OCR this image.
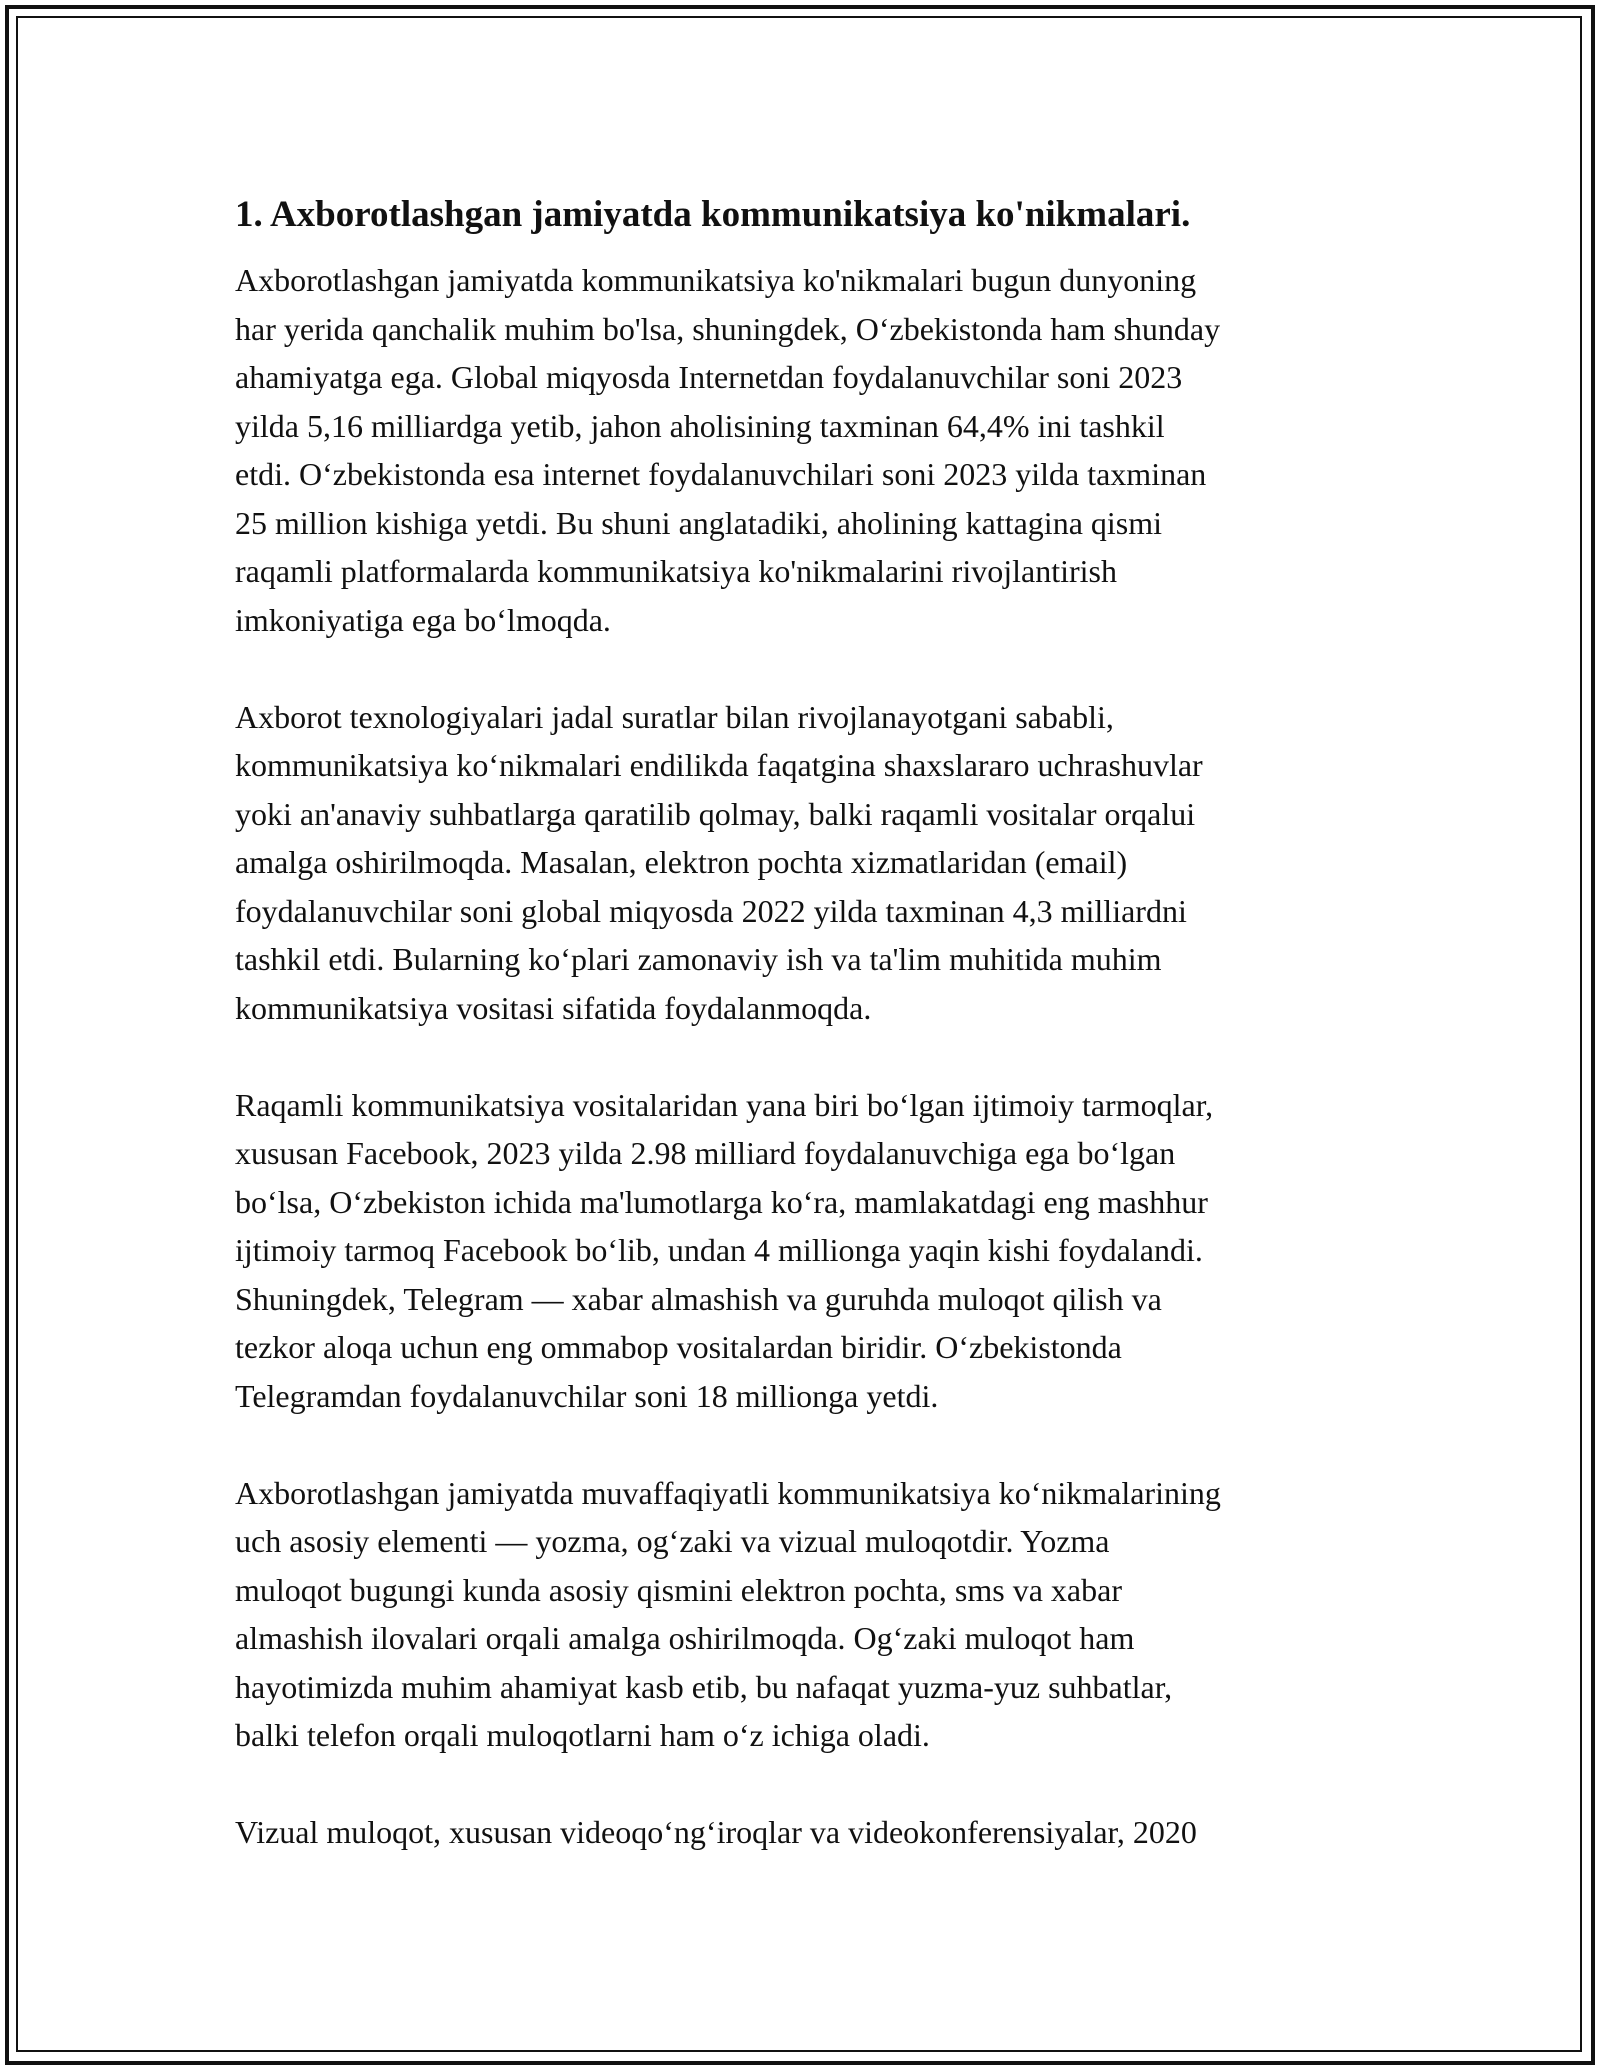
1. Axborotlashgan jamiyatda kommunikatsiya ko'nikmalari.
Axborotlashgan jamiyatda kommunikatsiya ko'nikmalari bugun dunyoning
har yerida qanchalik muhim bo'lsa, shuningdek, O‘zbekistonda ham shunday
ahamiyatga ega. Global miqyosda Internetdan foydalanuvchilar soni 2023
yilda 5,16 milliardga yetib, jahon aholisining taxminan 64,4% ini tashkil
etdi. O‘zbekistonda esa internet foydalanuvchilari soni 2023 yilda taxminan
25 million kishiga yetdi. Bu shuni anglatadiki, aholining kattagina qismi
raqamli platformalarda kommunikatsiya ko'nikmalarini rivojlantirish
imkoniyatiga ega bo‘lmoqda.
Axborot texnologiyalari jadal suratlar bilan rivojlanayotgani sababli,
kommunikatsiya ko‘nikmalari endilikda faqatgina shaxslararo uchrashuvlar
yoki an'anaviy suhbatlarga qaratilib qolmay, balki raqamli vositalar orqalui
amalga oshirilmoqda. Masalan, elektron pochta xizmatlaridan (email)
foydalanuvchilar soni global miqyosda 2022 yilda taxminan 4,3 milliardni
tashkil etdi. Bularning ko‘plari zamonaviy ish va ta'lim muhitida muhim
kommunikatsiya vositasi sifatida foydalanmoqda.
Raqamli kommunikatsiya vositalaridan yana biri bo‘lgan ijtimoiy tarmoqlar,
xususan Facebook, 2023 yilda 2.98 milliard foydalanuvchiga ega bo‘lgan
bo‘lsa, O‘zbekiston ichida ma'lumotlarga ko‘ra, mamlakatdagi eng mashhur
ijtimoiy tarmoq Facebook bo‘lib, undan 4 millionga yaqin kishi foydalandi.
Shuningdek, Telegram — xabar almashish va guruhda muloqot qilish va
tezkor aloqa uchun eng ommabop vositalardan biridir. O‘zbekistonda
Telegramdan foydalanuvchilar soni 18 millionga yetdi.
Axborotlashgan jamiyatda muvaffaqiyatli kommunikatsiya ko‘nikmalarining
uch asosiy elementi — yozma, og‘zaki va vizual muloqotdir. Yozma
muloqot bugungi kunda asosiy qismini elektron pochta, sms va xabar
almashish ilovalari orqali amalga oshirilmoqda. Og‘zaki muloqot ham
hayotimizda muhim ahamiyat kasb etib, bu nafaqat yuzma-yuz suhbatlar,
balki telefon orqali muloqotlarni ham o‘z ichiga oladi.
Vizual muloqot, xususan videoqo‘ng‘iroqlar va videokonferensiyalar, 2020
